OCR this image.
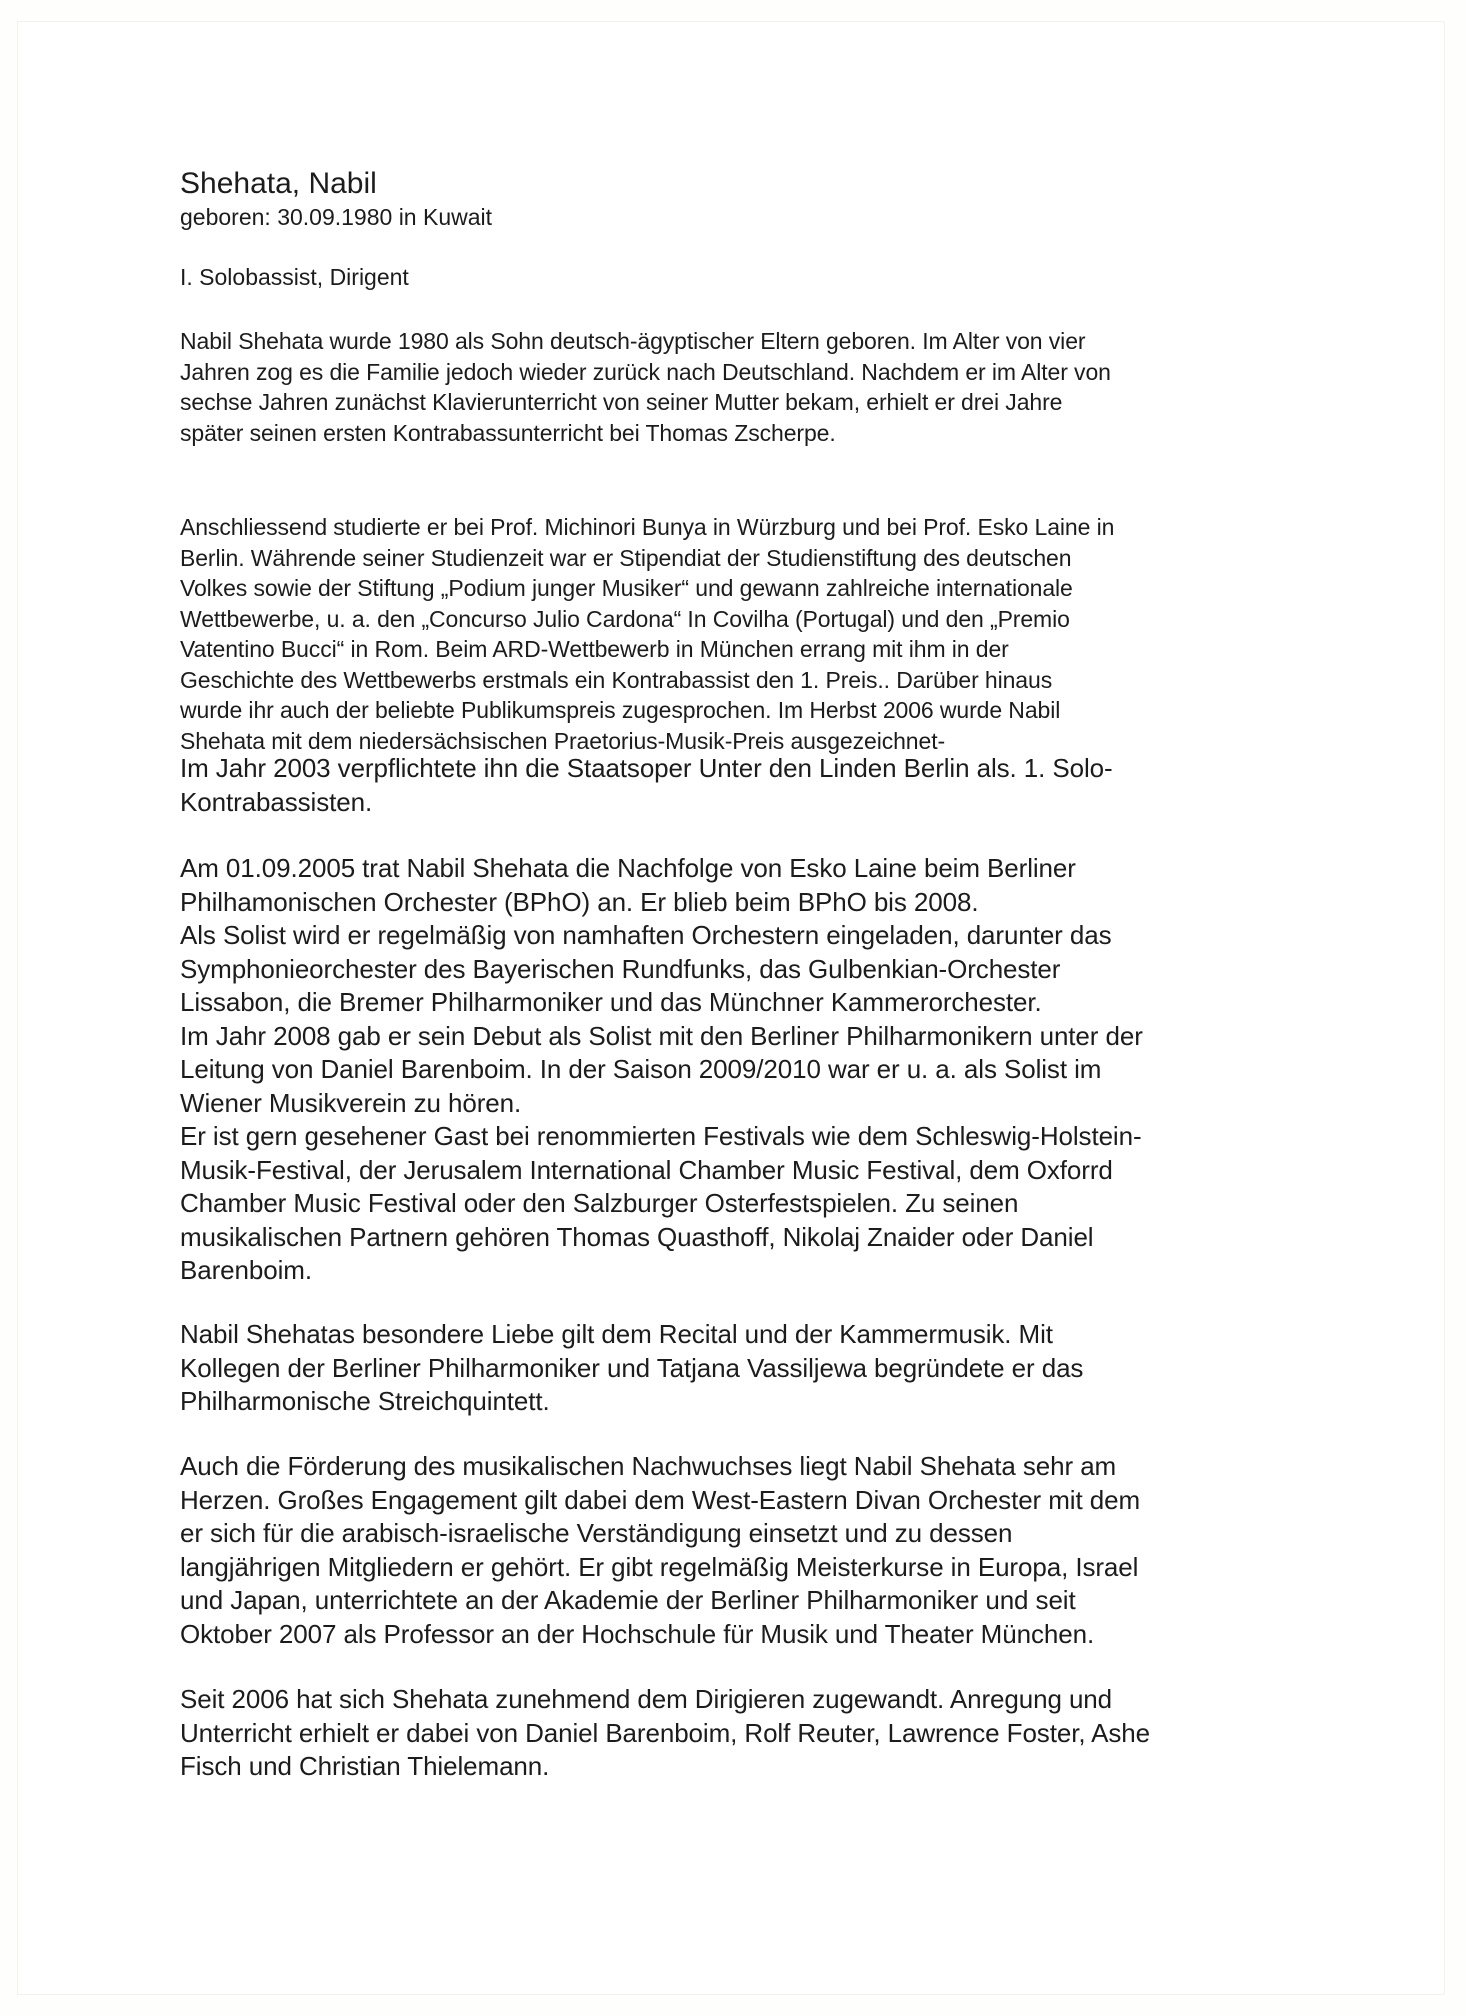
Shehata, Nabil
geboren: 30.09.1980 in Kuwait
I. Solobassist, Dirigent
Nabil Shehata wurde 1980 als Sohn deutsch-ägyptischer Eltern geboren. Im Alter von vier
Jahren zog es die Familie jedoch wieder zurück nach Deutschland. Nachdem er im Alter von
sechse Jahren zunächst Klavierunterricht von seiner Mutter bekam, erhielt er drei Jahre
später seinen ersten Kontrabassunterricht bei Thomas Zscherpe.
Anschliessend studierte er bei Prof. Michinori Bunya in Würzburg und bei Prof. Esko Laine in
Berlin. Währende seiner Studienzeit war er Stipendiat der Studienstiftung des deutschen
Volkes sowie der Stiftung „Podium junger Musiker“ und gewann zahlreiche internationale
Wettbewerbe, u. a. den „Concurso Julio Cardona“ In Covilha (Portugal) und den „Premio
Vatentino Bucci“ in Rom. Beim ARD-Wettbewerb in München errang mit ihm in der
Geschichte des Wettbewerbs erstmals ein Kontrabassist den 1. Preis.. Darüber hinaus
wurde ihr auch der beliebte Publikumspreis zugesprochen. Im Herbst 2006 wurde Nabil
Shehata mit dem niedersächsischen Praetorius-Musik-Preis ausgezeichnet-
Im Jahr 2003 verpflichtete ihn die Staatsoper Unter den Linden Berlin als. 1. Solo-
Kontrabassisten.
Am 01.09.2005 trat Nabil Shehata die Nachfolge von Esko Laine beim Berliner
Philhamonischen Orchester (BPhO) an. Er blieb beim BPhO bis 2008.
Als Solist wird er regelmäßig von namhaften Orchestern eingeladen, darunter das
Symphonieorchester des Bayerischen Rundfunks, das Gulbenkian-Orchester
Lissabon, die Bremer Philharmoniker und das Münchner Kammerorchester.
Im Jahr 2008 gab er sein Debut als Solist mit den Berliner Philharmonikern unter der
Leitung von Daniel Barenboim. In der Saison 2009/2010 war er u. a. als Solist im
Wiener Musikverein zu hören.
Er ist gern gesehener Gast bei renommierten Festivals wie dem Schleswig-Holstein-
Musik-Festival, der Jerusalem International Chamber Music Festival, dem Oxforrd
Chamber Music Festival oder den Salzburger Osterfestspielen. Zu seinen
musikalischen Partnern gehören Thomas Quasthoff, Nikolaj Znaider oder Daniel
Barenboim.
Nabil Shehatas besondere Liebe gilt dem Recital und der Kammermusik. Mit
Kollegen der Berliner Philharmoniker und Tatjana Vassiljewa begründete er das
Philharmonische Streichquintett.
Auch die Förderung des musikalischen Nachwuchses liegt Nabil Shehata sehr am
Herzen. Großes Engagement gilt dabei dem West-Eastern Divan Orchester mit dem
er sich für die arabisch-israelische Verständigung einsetzt und zu dessen
langjährigen Mitgliedern er gehört. Er gibt regelmäßig Meisterkurse in Europa, Israel
und Japan, unterrichtete an der Akademie der Berliner Philharmoniker und seit
Oktober 2007 als Professor an der Hochschule für Musik und Theater München.
Seit 2006 hat sich Shehata zunehmend dem Dirigieren zugewandt. Anregung und
Unterricht erhielt er dabei von Daniel Barenboim, Rolf Reuter, Lawrence Foster, Ashe
Fisch und Christian Thielemann.
